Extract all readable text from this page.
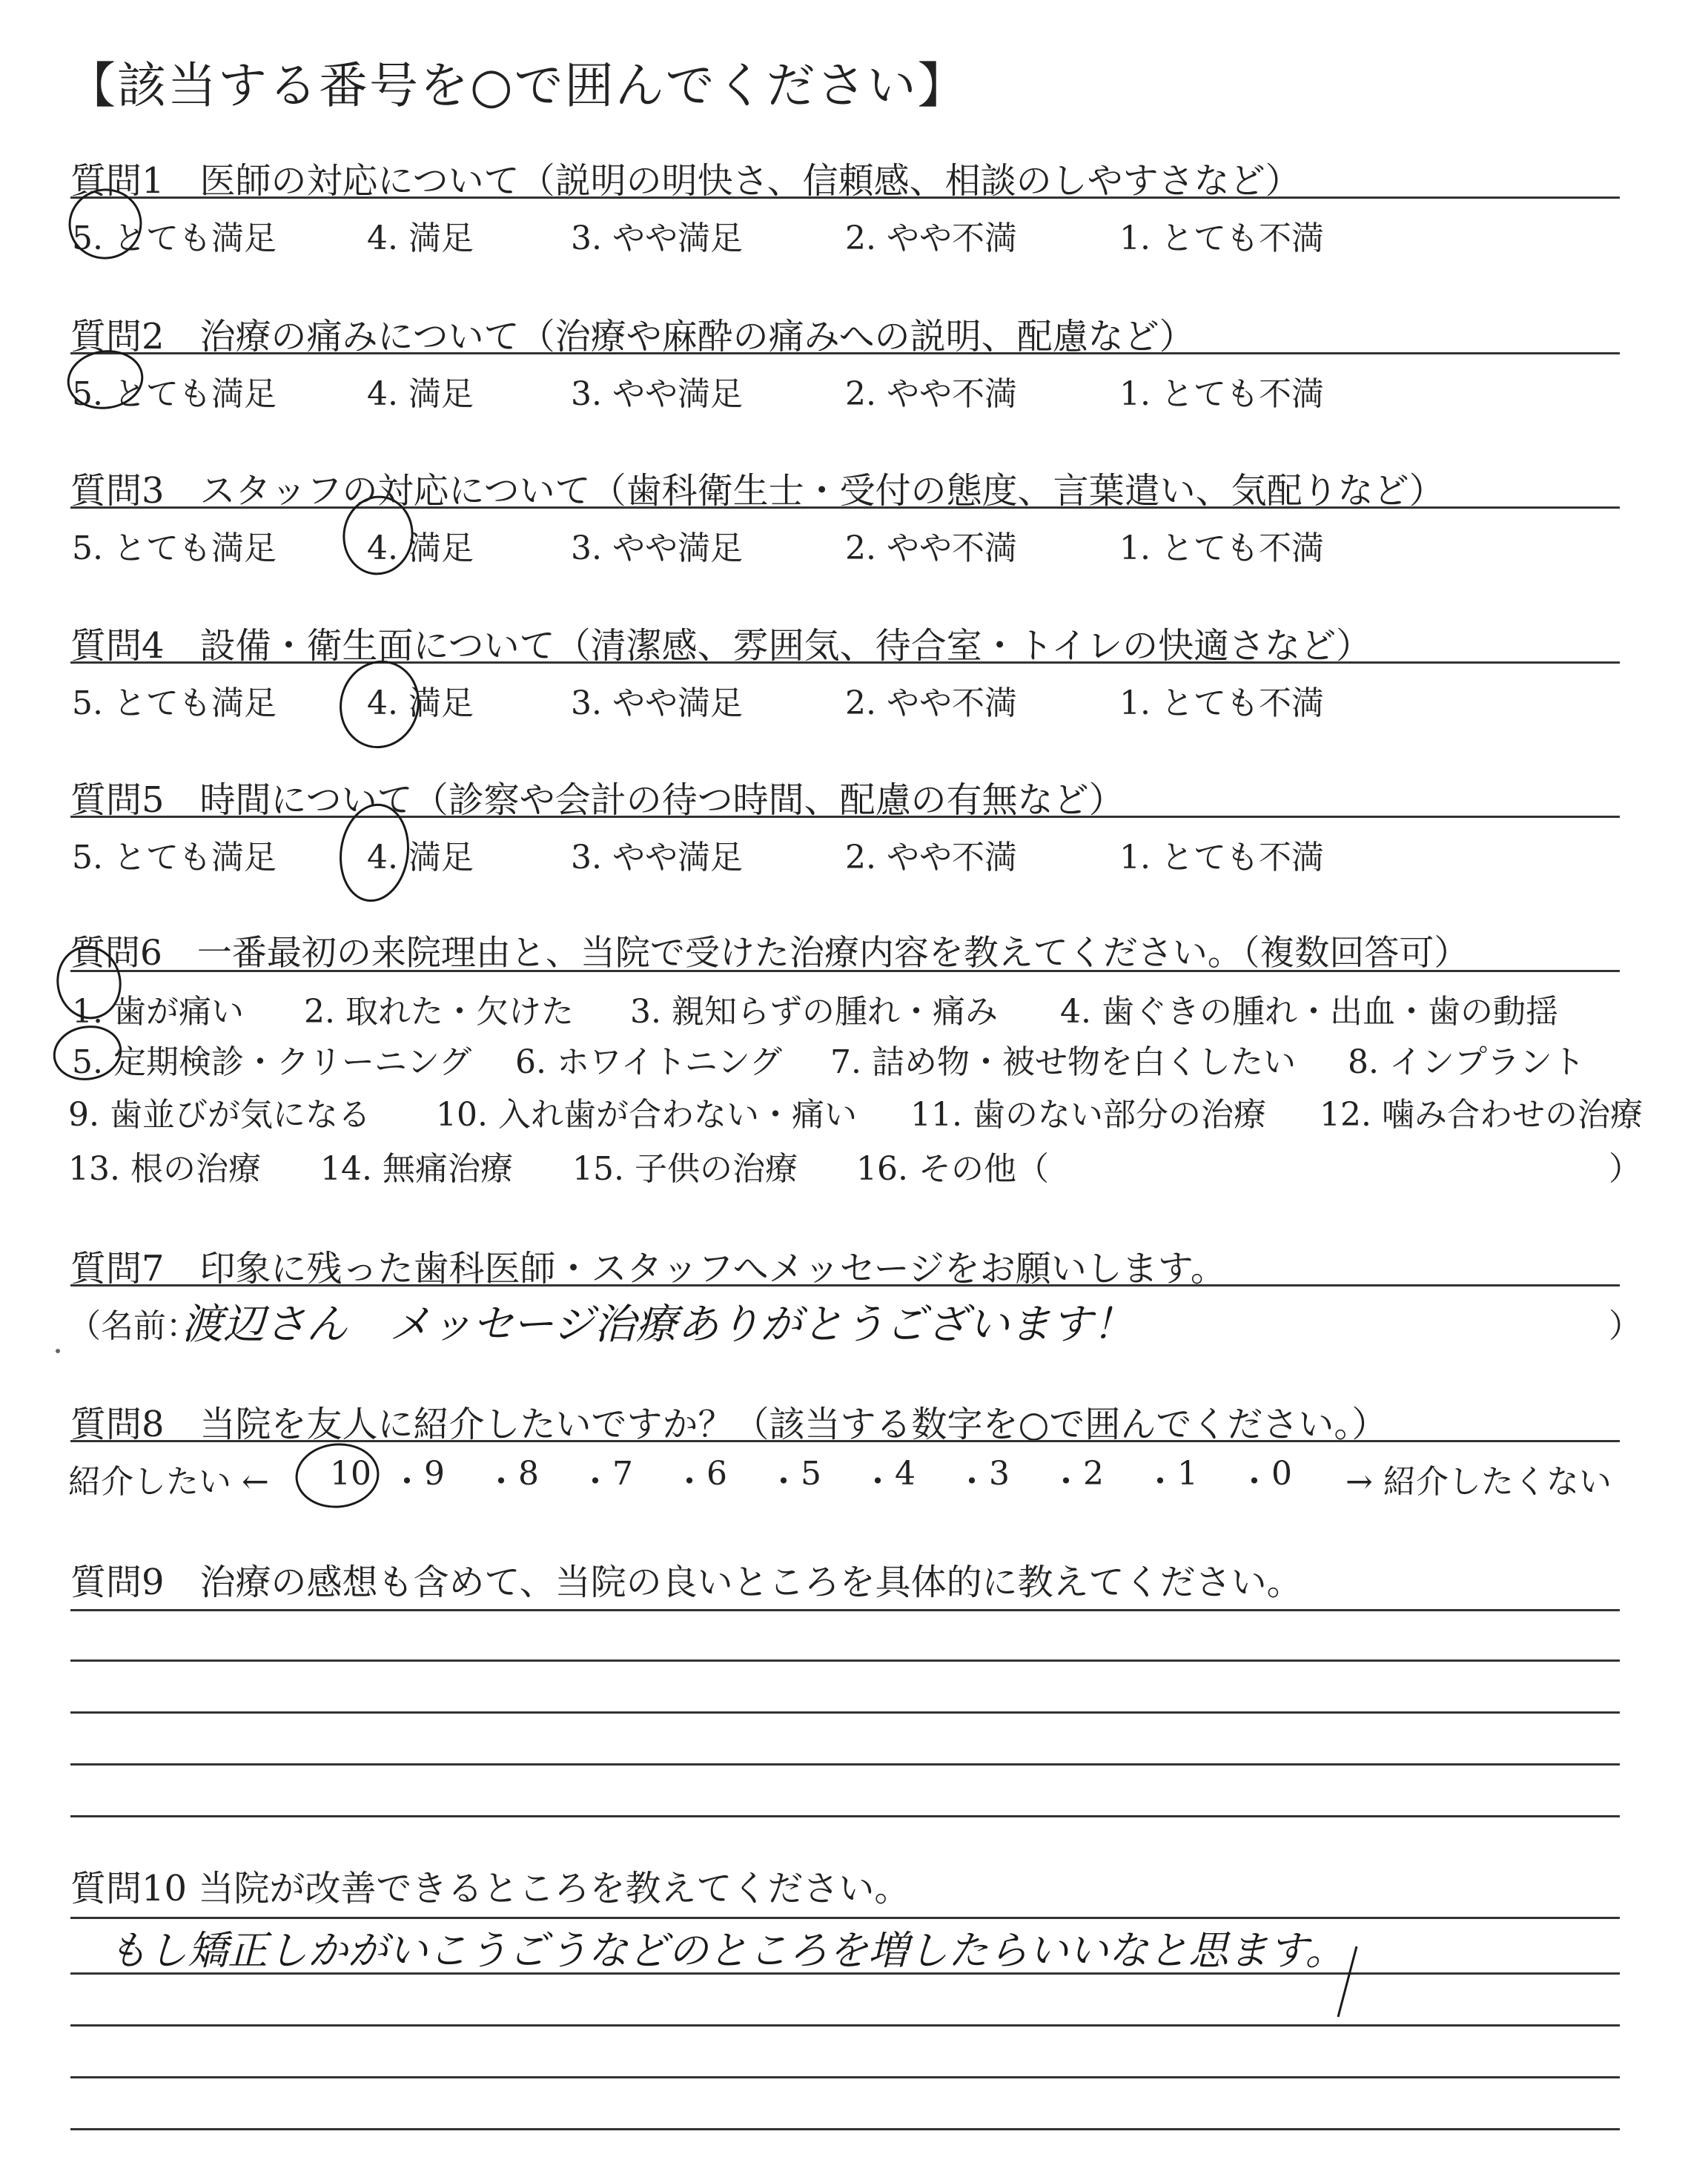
【該当する番号を○で囲んでください】
質問1　医師の対応について（説明の明快さ、信頼感、相談のしやすさなど）
5. とても満足	4. 満足	3. やや満足	2. やや不満	1. とても不満
質問2　治療の痛みについて（治療や麻酔の痛みへの説明、配慮など）
5. とても満足	4. 満足	3. やや満足	2. やや不満	1. とても不満
質問3　スタッフの対応について（歯科衛生士・受付の態度、言葉遣い、気配りなど）
5. とても満足	4. 満足	3. やや満足	2. やや不満	1. とても不満
質問4　設備・衛生面について（清潔感、雰囲気、待合室・トイレの快適さなど）
5. とても満足	4. 満足	3. やや満足	2. やや不満	1. とても不満
質問5　時間について（診察や会計の待つ時間、配慮の有無など）
5. とても満足	4. 満足	3. やや満足	2. やや不満	1. とても不満
質問6　一番最初の来院理由と、当院で受けた治療内容を教えてください。（複数回答可）
1. 歯が痛い 2. 取れた・欠けた 3. 親知らずの腫れ・痛み 4. 歯ぐきの腫れ・出血・歯の動揺
5. 定期検診・クリーニング 6. ホワイトニング 7. 詰め物・被せ物を白くしたい 8. インプラント
9. 歯並びが気になる 10. 入れ歯が合わない・痛い 11. 歯のない部分の治療 12. 噛み合わせの治療
13. 根の治療 14. 無痛治療 15. 子供の治療 16. その他（	）
質問7　印象に残った歯科医師・スタッフへメッセージをお願いします。
（名前：
渡辺さん　メッセージ治療ありがとうございます！	）
質問8　当院を友人に紹介したいですか？（該当する数字を○で囲んでください。）
紹介したい ← 10 ・ 9 ・ 8 ・ 7 ・ 6 ・ 5 ・ 4 ・ 3 ・ 2 ・ 1 ・ 0 → 紹介したくない
質問9　治療の感想も含めて、当院の良いところを具体的に教えてください。
質問10 当院が改善できるところを教えてください。
もし矯正しかがいこうごうなどのところを増したらいいなと思ます。
